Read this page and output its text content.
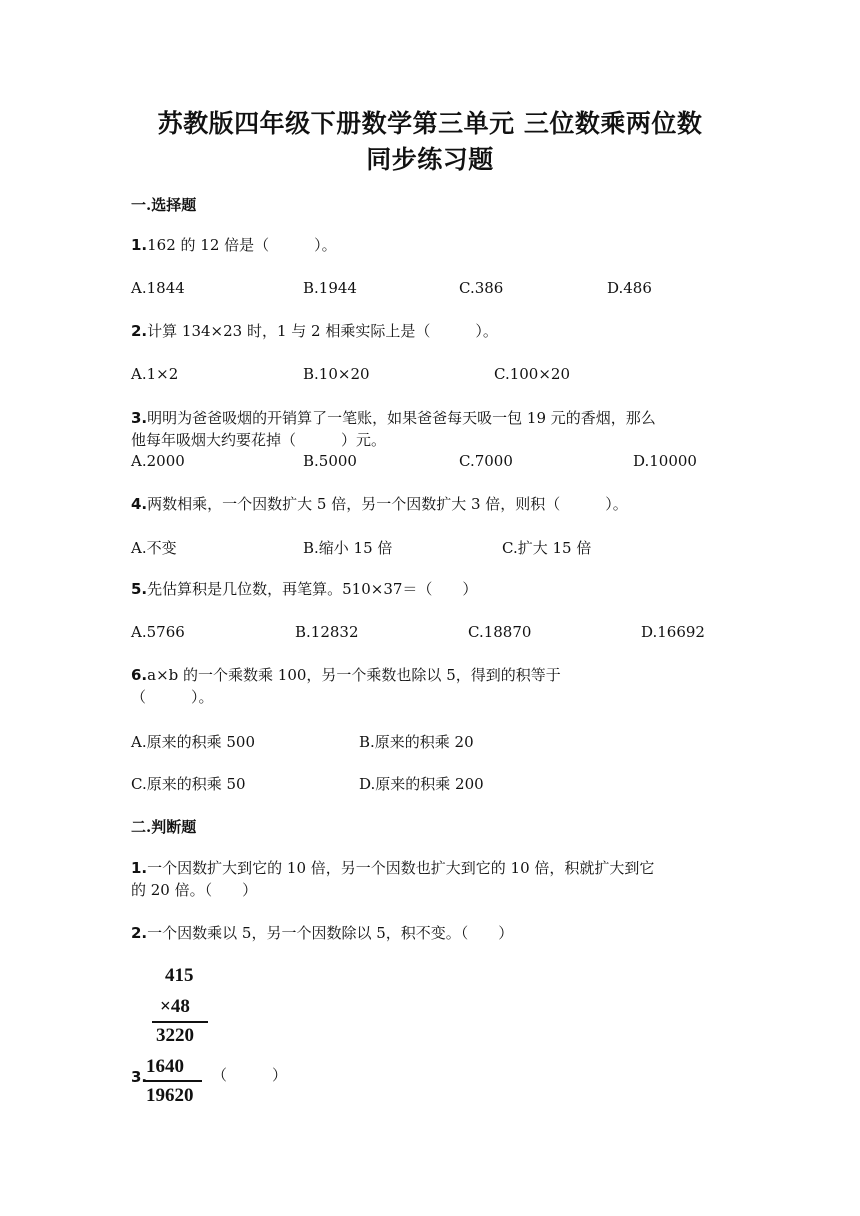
苏教版四年级下册数学第三单元 三位数乘两位数
同步练习题
一.选择题
1.162 的 12 倍是（　　　）。
A.1844	B.1944	C.386	D.486
2.计算 134×23 时，1 与 2 相乘实际上是（　　　）。
A.1×2	B.10×20	C.100×20
3.明明为爸爸吸烟的开销算了一笔账，如果爸爸每天吸一包 19 元的香烟，那么
他每年吸烟大约要花掉（　　　）元。
A.2000	B.5000	C.7000	D.10000
4.两数相乘，一个因数扩大 5 倍，另一个因数扩大 3 倍，则积（　　　）。
A.不变	B.缩小 15 倍	C.扩大 15 倍
5.先估算积是几位数，再笔算。510×37＝（　　）
A.5766	B.12832	C.18870	D.16692
6.a×b 的一个乘数乘 100，另一个乘数也除以 5，得到的积等于
（　　　）。
A.原来的积乘 500	B.原来的积乘 20
C.原来的积乘 50	D.原来的积乘 200
二.判断题
1.一个因数扩大到它的 10 倍，另一个因数也扩大到它的 10 倍，积就扩大到它
的 20 倍。（　　）
2.一个因数乘以 5，另一个因数除以 5，积不变。（　　）
415
×48
3220
1640
19620
3.	（　　　）
